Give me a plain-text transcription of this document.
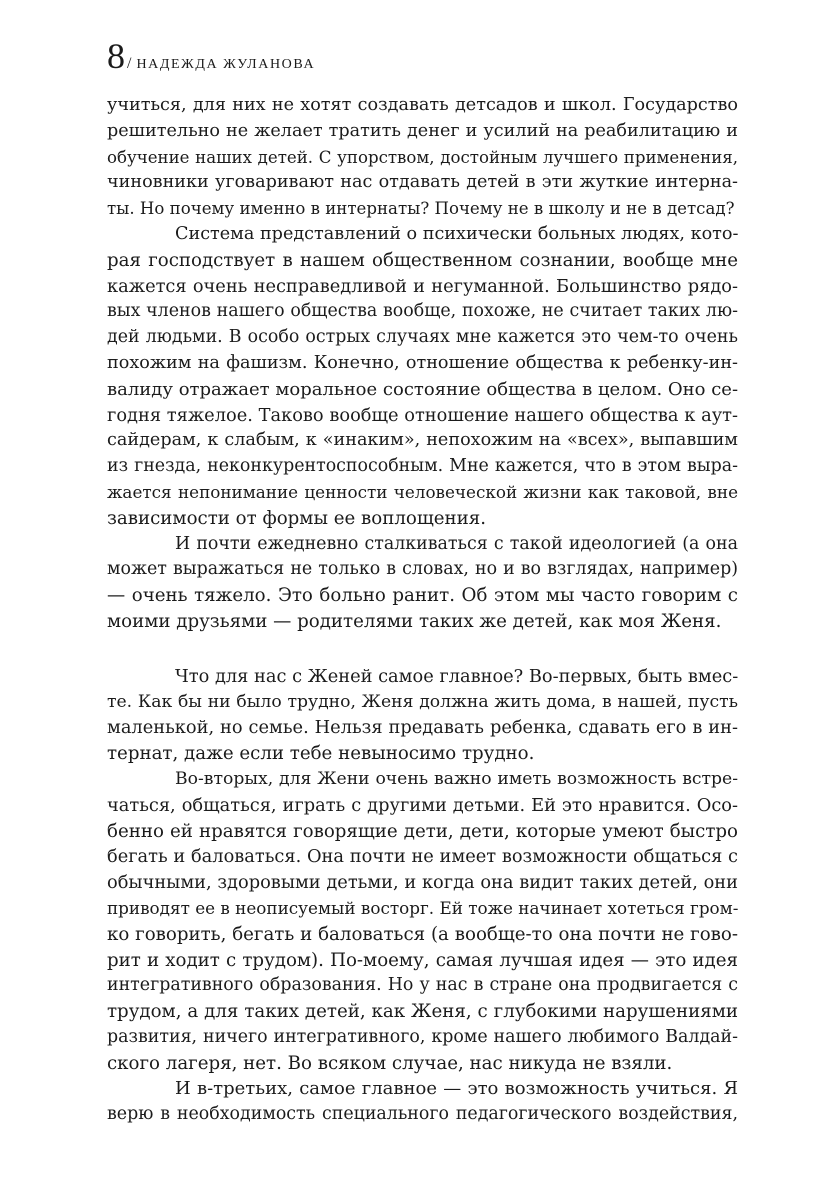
8 / НАДЕЖДА ЖУЛАНОВА
учиться, для них не хотят создавать детсадов и школ. Государство
решительно не желает тратить денег и усилий на реабилитацию и
обучение наших детей. С упорством, достойным лучшего применения,
чиновники уговаривают нас отдавать детей в эти жуткие интерна-
ты. Но почему именно в интернаты? Почему не в школу и не в детсад?
Система представлений о психически больных людях, кото-
рая господствует в нашем общественном сознании, вообще мне
кажется очень несправедливой и негуманной. Большинство рядо-
вых членов нашего общества вообще, похоже, не считает таких лю-
дей людьми. В особо острых случаях мне кажется это чем-то очень
похожим на фашизм. Конечно, отношение общества к ребенку-ин-
валиду отражает моральное состояние общества в целом. Оно се-
годня тяжелое. Таково вообще отношение нашего общества к аут-
сайдерам, к слабым, к «инаким», непохожим на «всех», выпавшим
из гнезда, неконкурентоспособным. Мне кажется, что в этом выра-
жается непонимание ценности человеческой жизни как таковой, вне
зависимости от формы ее воплощения.
И почти ежедневно сталкиваться с такой идеологией (а она
может выражаться не только в словах, но и во взглядах, например)
— очень тяжело. Это больно ранит. Об этом мы часто говорим с
моими друзьями — родителями таких же детей, как моя Женя.
Что для нас с Женей самое главное? Во-первых, быть вмес-
те. Как бы ни было трудно, Женя должна жить дома, в нашей, пусть
маленькой, но семье. Нельзя предавать ребенка, сдавать его в ин-
тернат, даже если тебе невыносимо трудно.
Во-вторых, для Жени очень важно иметь возможность встре-
чаться, общаться, играть с другими детьми. Ей это нравится. Осо-
бенно ей нравятся говорящие дети, дети, которые умеют быстро
бегать и баловаться. Она почти не имеет возможности общаться с
обычными, здоровыми детьми, и когда она видит таких детей, они
приводят ее в неописуемый восторг. Ей тоже начинает хотеться гром-
ко говорить, бегать и баловаться (а вообще-то она почти не гово-
рит и ходит с трудом). По-моему, самая лучшая идея — это идея
интегративного образования. Но у нас в стране она продвигается с
трудом, а для таких детей, как Женя, с глубокими нарушениями
развития, ничего интегративного, кроме нашего любимого Валдай-
ского лагеря, нет. Во всяком случае, нас никуда не взяли.
И в-третьих, самое главное — это возможность учиться. Я
верю в необходимость специального педагогического воздействия,
